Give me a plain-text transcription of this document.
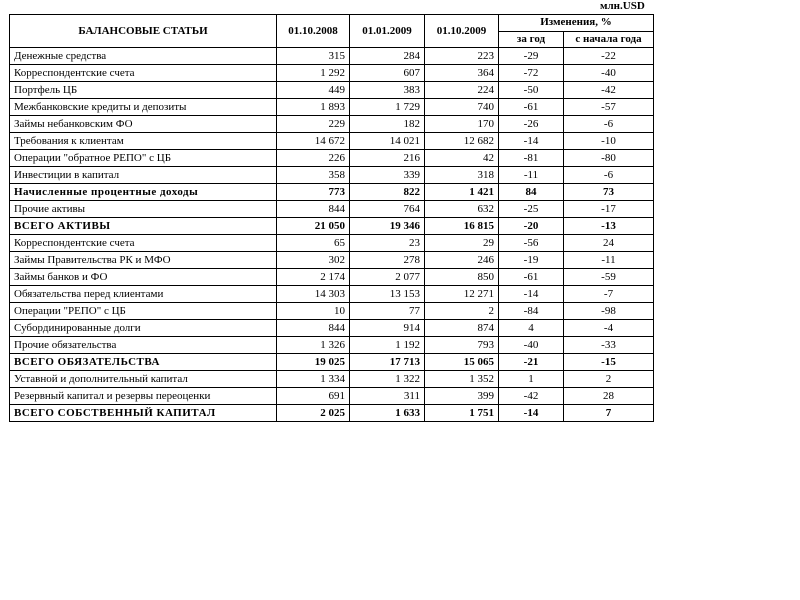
млн.USD
БАЛАНСОВЫЕ СТАТЬИ	01.10.2008	01.01.2009	01.10.2009	Изменения, %	
				за год	с начала года
Денежные средства	315	284	223	-29	-22
Корреспондентские счета	1 292	607	364	-72	-40
Портфель ЦБ	449	383	224	-50	-42
Межбанковские кредиты и депозиты	1 893	1 729	740	-61	-57
Займы небанковским ФО	229	182	170	-26	-6
Требования к клиентам	14 672	14 021	12 682	-14	-10
Операции "обратное РЕПО" с ЦБ	226	216	42	-81	-80
Инвестиции в капитал	358	339	318	-11	-6
Начисленные процентные доходы	773	822	1 421	84	73
Прочие активы	844	764	632	-25	-17
ВСЕГО АКТИВЫ	21 050	19 346	16 815	-20	-13
Корреспондентские счета	65	23	29	-56	24
Займы Правительства РК и МФО	302	278	246	-19	-11
Займы банков и ФО	2 174	2 077	850	-61	-59
Обязательства перед клиентами	14 303	13 153	12 271	-14	-7
Операции "РЕПО" с ЦБ	10	77	2	-84	-98
Субординированные долги	844	914	874	4	-4
Прочие обязательства	1 326	1 192	793	-40	-33
ВСЕГО ОБЯЗАТЕЛЬСТВА	19 025	17 713	15 065	-21	-15
Уставной и дополнительный капитал	1 334	1 322	1 352	1	2
Резервный капитал и резервы переоценки	691	311	399	-42	28
ВСЕГО СОБСТВЕННЫЙ КАПИТАЛ	2 025	1 633	1 751	-14	7
